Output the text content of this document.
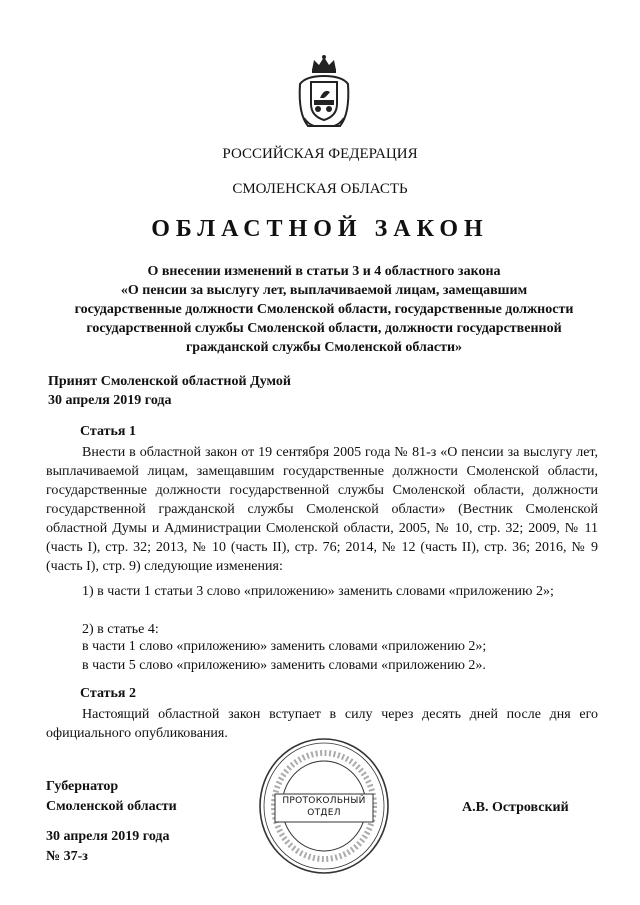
РОССИЙСКАЯ ФЕДЕРАЦИЯ
СМОЛЕНСКАЯ ОБЛАСТЬ
ОБЛАСТНОЙ ЗАКОН
О внесении изменений в статьи 3 и 4 областного закона
«О пенсии за выслугу лет, выплачиваемой лицам, замещавшим
государственные должности Смоленской области, государственные должности
государственной службы Смоленской области, должности государственной
гражданской службы Смоленской области»
Принят Смоленской областной Думой
30 апреля 2019 года
Статья 1
Внести в областной закон от 19 сентября 2005 года № 81-з «О пенсии за выслугу лет, выплачиваемой лицам, замещавшим государственные должности Смоленской области, государственные должности государственной службы Смоленской области, должности государственной гражданской службы Смоленской области» (Вестник Смоленской областной Думы и Администрации Смоленской области, 2005, № 10, стр. 32; 2009, № 11 (часть I), стр. 32; 2013, № 10 (часть II), стр. 76; 2014, № 12 (часть II), стр. 36; 2016, № 9 (часть I), стр. 9) следующие изменения:
1) в части 1 статьи 3 слово «приложению» заменить словами «приложению 2»;
2) в статье 4:
в части 1 слово «приложению» заменить словами «приложению 2»;
в части 5 слово «приложению» заменить словами «приложению 2».
Статья 2
Настоящий областной закон вступает в силу через десять дней после дня его официального опубликования.
Губернатор
Смоленской области	ПРОТОКОЛЬНЫЙ
ОТДЕЛ	А.В. Островский
30 апреля 2019 года
№ 37-з
